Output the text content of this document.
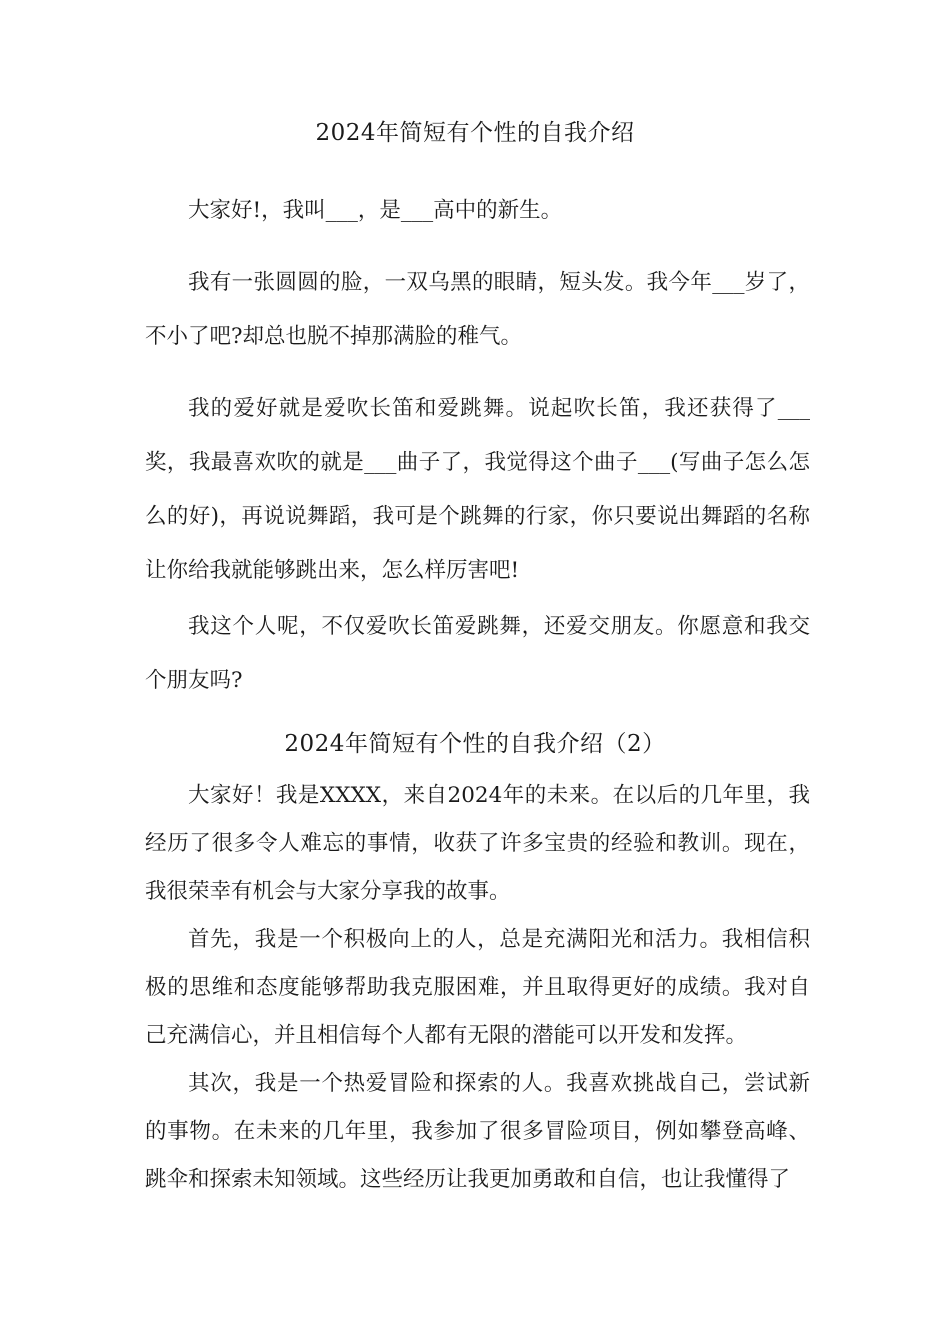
2024年简短有个性的自我介绍

大家好!，我叫___，是___高中的新生。

我有一张圆圆的脸，一双乌黑的眼睛，短头发。我今年___岁了，不小了吧?却总也脱不掉那满脸的稚气。

我的爱好就是爱吹长笛和爱跳舞。说起吹长笛，我还获得了___奖，我最喜欢吹的就是___曲子了，我觉得这个曲子___(写曲子怎么怎么的好)，再说说舞蹈，我可是个跳舞的行家，你只要说出舞蹈的名称让你给我就能够跳出来，怎么样厉害吧!

我这个人呢，不仅爱吹长笛爱跳舞，还爱交朋友。你愿意和我交个朋友吗?

2024年简短有个性的自我介绍（2）

大家好！我是XXXX，来自2024年的未来。在以后的几年里，我经历了很多令人难忘的事情，收获了许多宝贵的经验和教训。现在，我很荣幸有机会与大家分享我的故事。

首先，我是一个积极向上的人，总是充满阳光和活力。我相信积极的思维和态度能够帮助我克服困难，并且取得更好的成绩。我对自己充满信心，并且相信每个人都有无限的潜能可以开发和发挥。

其次，我是一个热爱冒险和探索的人。我喜欢挑战自己，尝试新的事物。在未来的几年里，我参加了很多冒险项目，例如攀登高峰、跳伞和探索未知领域。这些经历让我更加勇敢和自信，也让我懂得了
